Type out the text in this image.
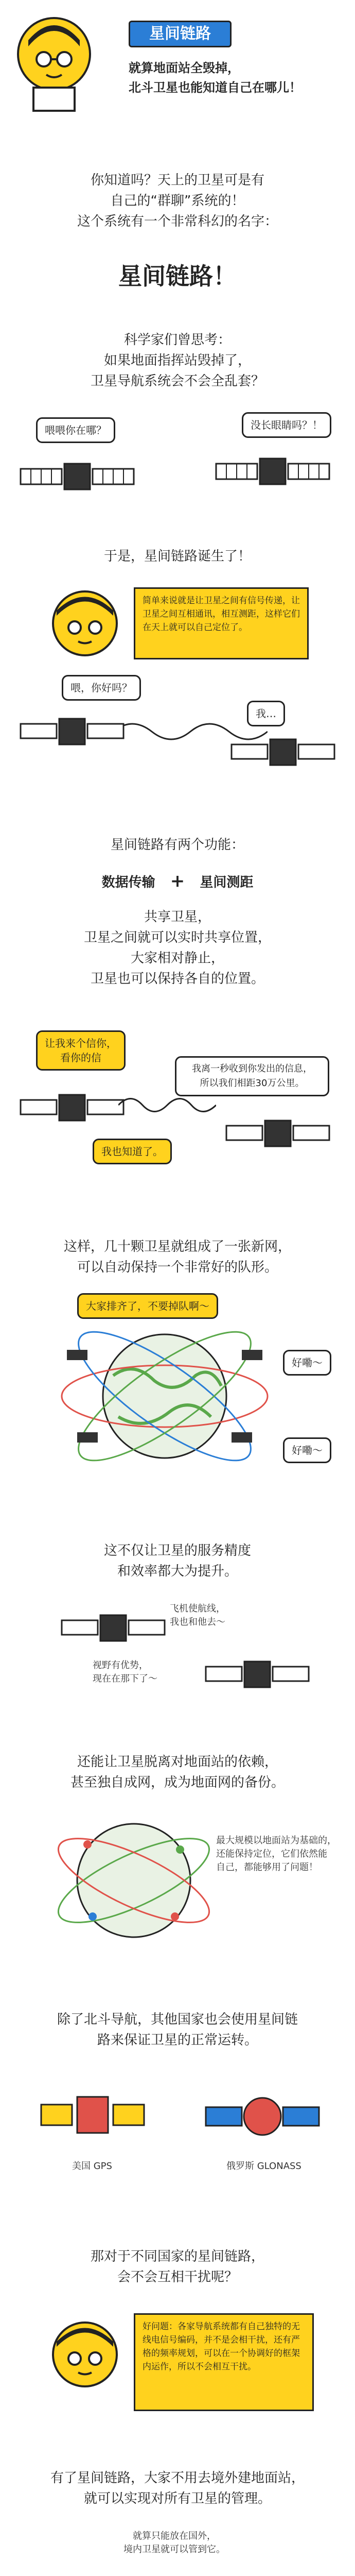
星间链路
就算地面站全毁掉，
北斗卫星也能知道自己在哪儿！
你知道吗？天上的卫星可是有
自己的“群聊”系统的！
这个系统有一个非常科幻的名字：
星间链路！
科学家们曾思考：
如果地面指挥站毁掉了，
卫星导航系统会不会全乱套？
喂喂你在哪？	没长眼睛吗？！
于是，星间链路诞生了！
简单来说就是让卫星之间有信号传递，让卫星之间互相通讯，相互测距，这样它们在天上就可以自己定位了。
喂，你好吗？
我…
星间链路有两个功能：
数据传输 + 星间测距
共享卫星，
卫星之间就可以实时共享位置，
大家相对静止，
卫星也可以保持各自的位置。
让我来个信你，
看你的信
我离一秒收到你发出的信息，
所以我们相距30万公里。
我也知道了。
这样，几十颗卫星就组成了一张新网，
可以自动保持一个非常好的队形。
大家排齐了，不要掉队啊～
好嘞～
好嘞～
这不仅让卫星的服务精度
和效率都大为提升。
飞机使航线，
我也和他去～
视野有优势，
现在在那下了～
还能让卫星脱离对地面站的依赖，
甚至独自成网，成为地面网的备份。
最大规模以地面站为基础的，
还能保持定位，它们依然能
自己，都能够用了问题！
除了北斗导航，其他国家也会使用星间链
路来保证卫星的正常运转。
美国 GPS	俄罗斯 GLONASS
那对于不同国家的星间链路，
会不会互相干扰呢？
好问题：各家导航系统都有自己独特的无线电信号编码，并不是会相干扰，还有严格的频率规划，可以在一个协调好的框架内运作，所以不会相互干扰。
有了星间链路，大家不用去境外建地面站，
就可以实现对所有卫星的管理。
就算只能放在国外，
境内卫星就可以管到它。
